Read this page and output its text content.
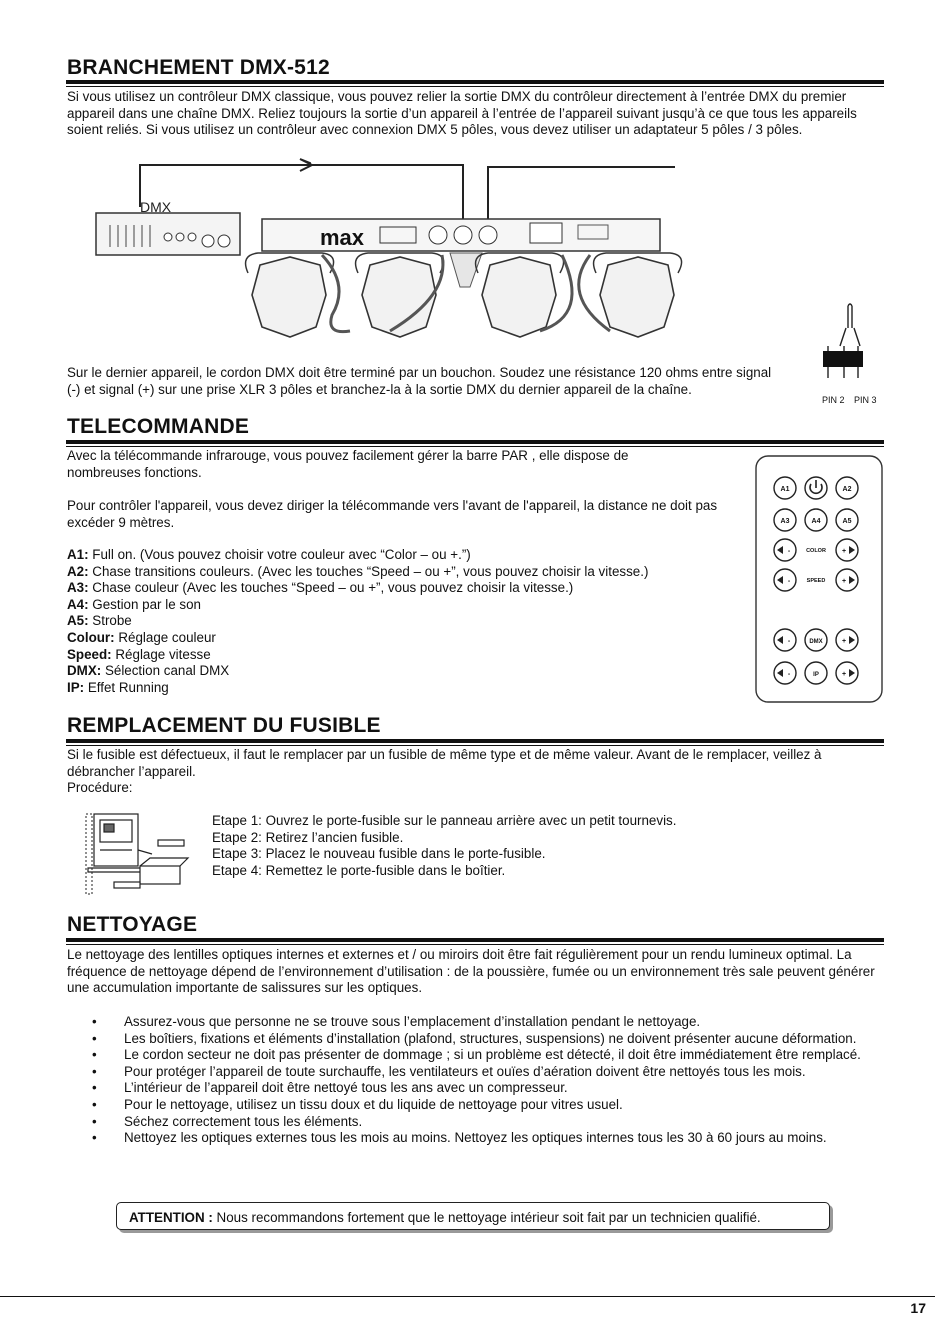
BRANCHEMENT DMX-512

Si vous utilisez un contrôleur DMX classique, vous pouvez relier la sortie DMX du contrôleur directement à l’entrée DMX du premier appareil dans une chaîne DMX. Reliez toujours la sortie d’un appareil à l’entrée de l’appareil suivant jusqu’à ce que tous les appareils soient reliés. Si vous utilisez un contrôleur avec connexion DMX 5 pôles, vous devez utiliser un adaptateur 5 pôles / 3 pôles.

DMX
max

Sur le dernier appareil, le cordon DMX doit être terminé par un bouchon. Soudez une résistance 120 ohms entre signal (-) et signal (+) sur une prise XLR 3 pôles et branchez-la à la sortie DMX du dernier appareil de la chaîne.

PIN 2 PIN 3
TELECOMMANDE

Avec la télécommande infrarouge, vous pouvez facilement gérer la barre PAR , elle dispose de nombreuses fonctions.

Pour contrôler l'appareil, vous devez diriger la télécommande vers l'avant de l'appareil, la distance ne doit pas excéder 9 mètres.

A1: Full on. (Vous pouvez choisir votre couleur avec “Color – ou +.”)
A2: Chase transitions couleurs. (Avec les touches “Speed – ou +”, vous pouvez choisir la vitesse.)
A3: Chase couleur (Avec les touches “Speed – ou +”, vous pouvez choisir la vitesse.)
A4: Gestion par le son
A5: Strobe
Colour: Réglage couleur
Speed: Réglage vitesse
DMX: Sélection canal DMX
IP: Effet Running
A1	A2
A3	A4	A5
COLOR
SPEED
DMX
IP
-	+
-	+
-	+
-	+
REMPLACEMENT DU FUSIBLE

Si le fusible est défectueux, il faut le remplacer par un fusible de même type et de même valeur. Avant de le remplacer, veillez à débrancher l’appareil.

Procédure:
Etape 1: Ouvrez le porte-fusible sur le panneau arrière avec un petit tournevis.
Etape 2: Retirez l’ancien fusible.
Etape 3: Placez le nouveau fusible dans le porte-fusible.
Etape 4: Remettez le porte-fusible dans le boîtier.
NETTOYAGE

Le nettoyage des lentilles optiques internes et externes et / ou miroirs doit être fait régulièrement pour un rendu lumineux optimal. La fréquence de nettoyage dépend de l’environnement d’utilisation : de la poussière, fumée ou un environnement très sale peuvent générer une accumulation importante de salissures sur les optiques.

• Assurez-vous que personne ne se trouve sous l’emplacement d’installation pendant le nettoyage.
• Les boîtiers, fixations et éléments d’installation (plafond, structures, suspensions) ne doivent présenter aucune déformation.
• Le cordon secteur ne doit pas présenter de dommage ; si un problème est détecté, il doit être immédiatement être remplacé.
• Pour protéger l’appareil de toute surchauffe, les ventilateurs et ouïes d’aération doivent être nettoyés tous les mois.
• L’intérieur de l’appareil doit être nettoyé tous les ans avec un compresseur.
• Pour le nettoyage, utilisez un tissu doux et du liquide de nettoyage pour vitres usuel.
• Séchez correctement tous les éléments.
• Nettoyez les optiques externes tous les mois au moins. Nettoyez les optiques internes tous les 30 à 60 jours au moins.
ATTENTION : Nous recommandons fortement que le nettoyage intérieur soit fait par un technicien qualifié.
17
